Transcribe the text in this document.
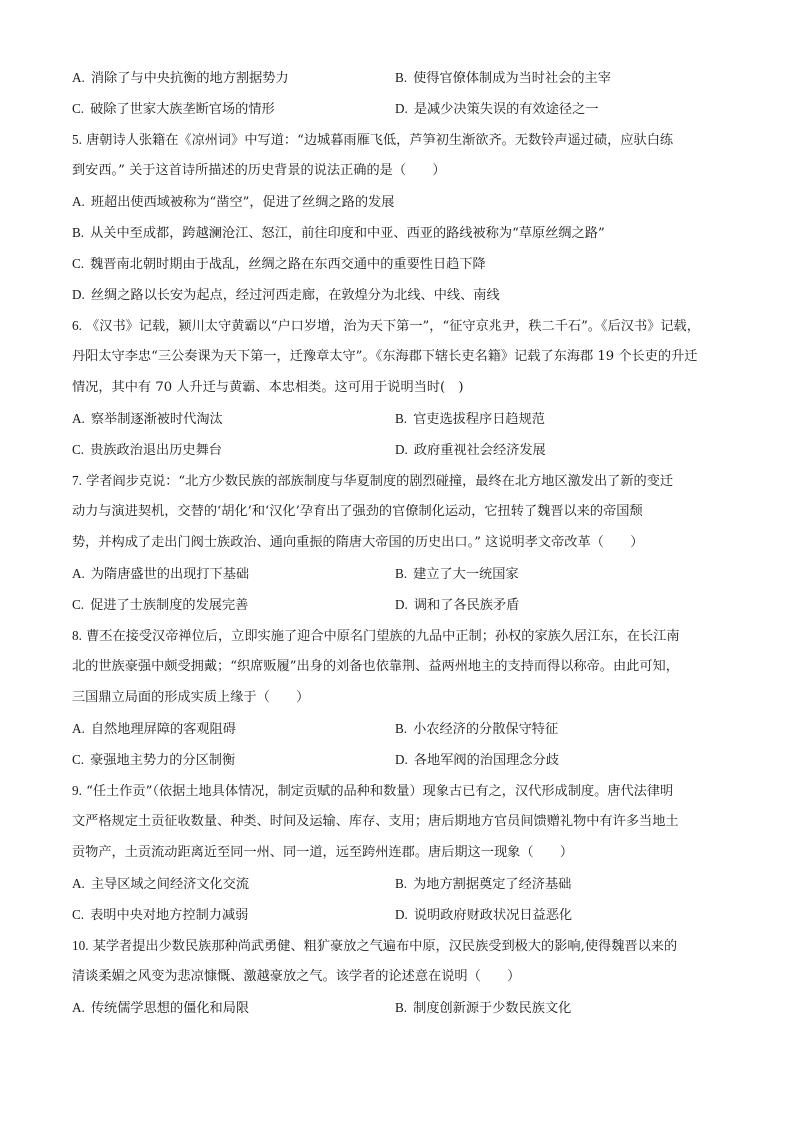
A. 消除了与中央抗衡的地方割据势力	B. 使得官僚体制成为当时社会的主宰
C. 破除了世家大族垄断官场的情形	D. 是减少决策失误的有效途径之一
5. 唐朝诗人张籍在《凉州词》中写道：“边城暮雨雁飞低，芦笋初生渐欲齐。无数铃声遥过碛，应驮白练
到安西。” 关于这首诗所描述的历史背景的说法正确的是（　　）
A. 班超出使西域被称为“凿空”，促进了丝绸之路的发展
B. 从关中至成都，跨越澜沧江、怒江，前往印度和中亚、西亚的路线被称为“草原丝绸之路”
C. 魏晋南北朝时期由于战乱，丝绸之路在东西交通中的重要性日趋下降
D. 丝绸之路以长安为起点，经过河西走廊，在敦煌分为北线、中线、南线
6. 《汉书》记载，颍川太守黄霸以“户口岁增，治为天下第一”，“征守京兆尹，秩二千石”。《后汉书》记载，
丹阳太守李忠“三公奏课为天下第一，迁豫章太守”。《东海郡下辖长吏名籍》记载了东海郡 19 个长吏的升迁
情况，其中有 70 人升迁与黄霸、本忠相类。这可用于说明当时(　)
A. 察举制逐渐被时代淘汰	B. 官吏选拔程序日趋规范
C. 贵族政治退出历史舞台	D. 政府重视社会经济发展
7. 学者阎步克说：“北方少数民族的部族制度与华夏制度的剧烈碰撞，最终在北方地区激发出了新的变迁
动力与演进契机，交替的‘胡化’和‘汉化’孕育出了强劲的官僚制化运动，它扭转了魏晋以来的帝国颓
势，并构成了走出门阀士族政治、通向重振的隋唐大帝国的历史出口。” 这说明孝文帝改革（　　）
A. 为隋唐盛世的出现打下基础	B. 建立了大一统国家
C. 促进了士族制度的发展完善	D. 调和了各民族矛盾
8. 曹丕在接受汉帝禅位后，立即实施了迎合中原名门望族的九品中正制；孙权的家族久居江东，在长江南
北的世族豪强中颇受拥戴；“织席贩履”出身的刘备也依靠荆、益两州地主的支持而得以称帝。由此可知，
三国鼎立局面的形成实质上缘于（　　）
A. 自然地理屏障的客观阻碍	B. 小农经济的分散保守特征
C. 豪强地主势力的分区制衡	D. 各地军阀的治国理念分歧
9. “任土作贡”（依据土地具体情况，制定贡赋的品种和数量）现象古已有之，汉代形成制度。唐代法律明
文严格规定土贡征收数量、种类、时间及运输、库存、支用；唐后期地方官员间馈赠礼物中有许多当地土
贡物产，土贡流动距离近至同一州、同一道，远至跨州连郡。唐后期这一现象（　　）
A. 主导区域之间经济文化交流	B. 为地方割据奠定了经济基础
C. 表明中央对地方控制力减弱	D. 说明政府财政状况日益恶化
10. 某学者提出少数民族那种尚武勇健、粗犷豪放之气遍布中原，汉民族受到极大的影响,使得魏晋以来的
清谈柔媚之风变为悲凉慷慨、激越豪放之气。该学者的论述意在说明（　　）
A. 传统儒学思想的僵化和局限	B. 制度创新源于少数民族文化
